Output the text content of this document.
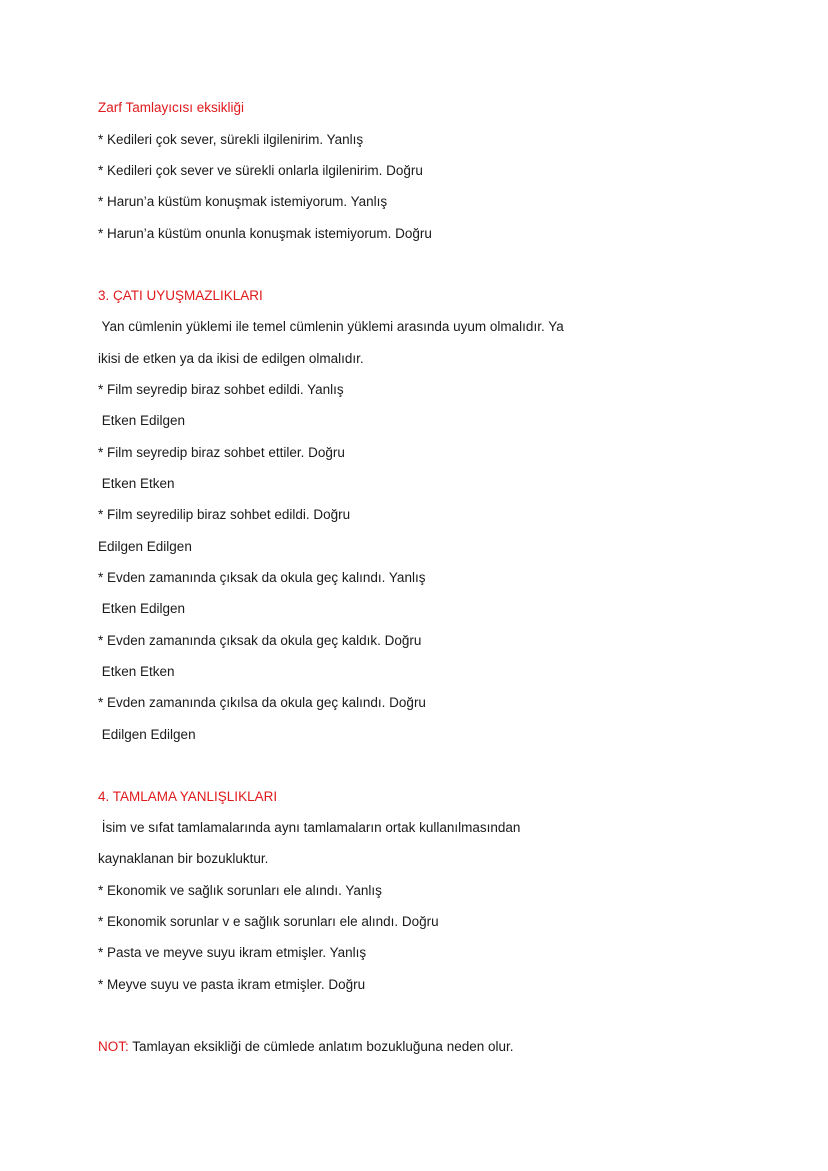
Zarf Tamlayıcısı eksikliği
* Kedileri çok sever, sürekli ilgilenirim. Yanlış
* Kedileri çok sever ve sürekli onlarla ilgilenirim. Doğru
* Harun’a küstüm konuşmak istemiyorum. Yanlış
* Harun’a küstüm onunla konuşmak istemiyorum. Doğru
3. ÇATI UYUŞMAZLIKLARI
Yan cümlenin yüklemi ile temel cümlenin yüklemi arasında uyum olmalıdır. Ya
ikisi de etken ya da ikisi de edilgen olmalıdır.
* Film seyredip biraz sohbet edildi. Yanlış
Etken Edilgen
* Film seyredip biraz sohbet ettiler. Doğru
Etken Etken
* Film seyredilip biraz sohbet edildi. Doğru
Edilgen Edilgen
* Evden zamanında çıksak da okula geç kalındı. Yanlış
Etken Edilgen
* Evden zamanında çıksak da okula geç kaldık. Doğru
Etken Etken
* Evden zamanında çıkılsa da okula geç kalındı. Doğru
Edilgen Edilgen
4. TAMLAMA YANLIŞLIKLARI
İsim ve sıfat tamlamalarında aynı tamlamaların ortak kullanılmasından
kaynaklanan bir bozukluktur.
* Ekonomik ve sağlık sorunları ele alındı. Yanlış
* Ekonomik sorunlar v e sağlık sorunları ele alındı. Doğru
* Pasta ve meyve suyu ikram etmişler. Yanlış
* Meyve suyu ve pasta ikram etmişler. Doğru
NOT: Tamlayan eksikliği de cümlede anlatım bozukluğuna neden olur.
